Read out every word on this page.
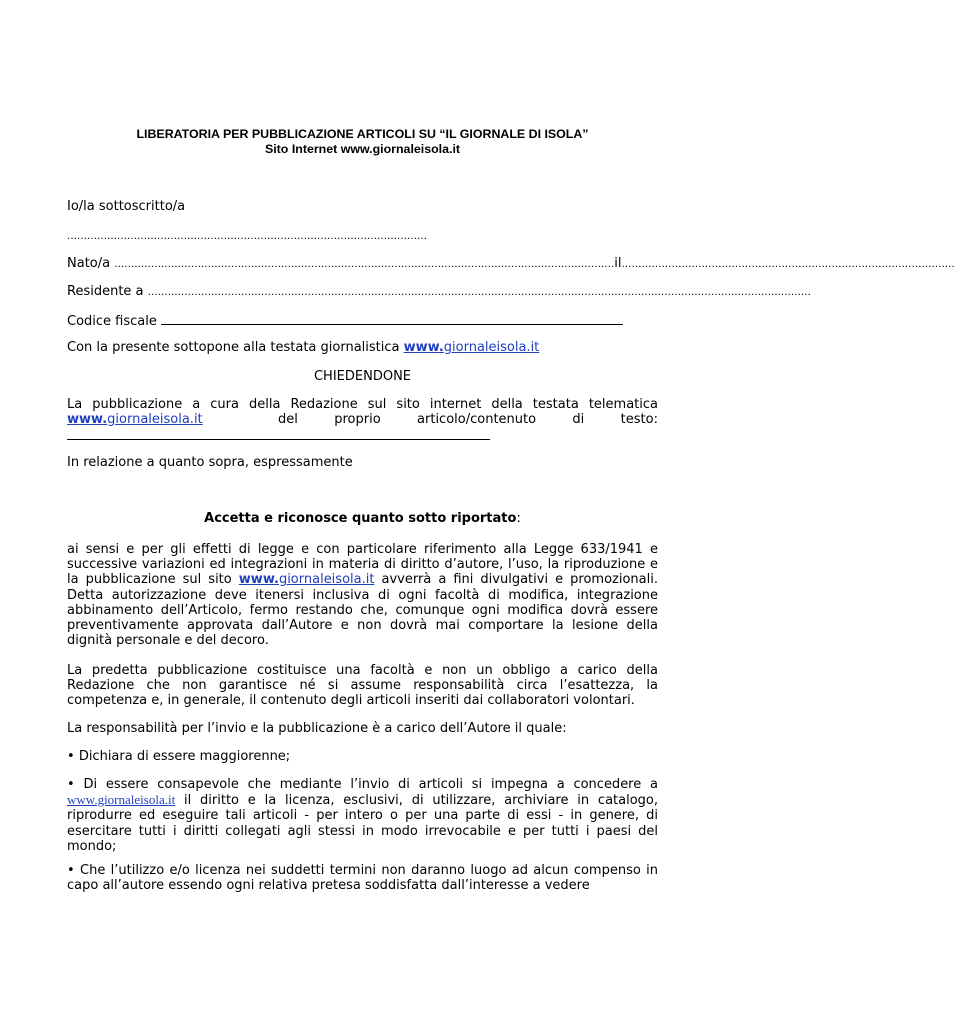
LIBERATORIA PER PUBBLICAZIONE ARTICOLI SU “IL GIORNALE DI ISOLA”
Sito Internet www.giornaleisola.it
Io/la sottoscritto/a
………………………………………………………………………………………………
Nato/a ……………………………………………………………………………………………………………………………………il……………………………………………………………………………………….
Residente a ……………………………………………………………………………………………………………………………………………………………………….………
Codice fiscale
Con la presente sottopone alla testata giornalistica www.giornaleisola.it
CHIEDENDONE
La pubblicazione a cura della Redazione sul sito internet della testata telematica
www.giornaleisola.it	del	proprio	articolo/contenuto	di	testo:
In relazione a quanto sopra, espressamente
Accetta e riconosce quanto sotto riportato:
ai sensi e per gli effetti di legge e con particolare riferimento alla Legge 633/1941 e successive variazioni ed integrazioni in materia di diritto d’autore, l’uso, la riproduzione e la pubblicazione sul sito www.giornaleisola.it avverrà a fini divulgativi e promozionali. Detta autorizzazione deve itenersi inclusiva di ogni facoltà di modifica, integrazione abbinamento dell’Articolo, fermo restando che, comunque ogni modifica dovrà essere preventivamente approvata dall’Autore e non dovrà mai comportare la lesione della dignità personale e del decoro.
La predetta pubblicazione costituisce una facoltà e non un obbligo a carico della Redazione che non garantisce né si assume responsabilità circa l’esattezza, la competenza e, in generale, il contenuto degli articoli inseriti dai collaboratori volontari.
La responsabilità per l’invio e la pubblicazione è a carico dell’Autore il quale:
• Dichiara di essere maggiorenne;
• Di essere consapevole che mediante l’invio di articoli si impegna a concedere a www.giornaleisola.it il diritto e la licenza, esclusivi, di utilizzare, archiviare in catalogo, riprodurre ed eseguire tali articoli - per intero o per una parte di essi - in genere, di esercitare tutti i diritti collegati agli stessi in modo irrevocabile e per tutti i paesi del mondo;
• Che l’utilizzo e/o licenza nei suddetti termini non daranno luogo ad alcun compenso in capo all’autore essendo ogni relativa pretesa soddisfatta dall’interesse a vedere
